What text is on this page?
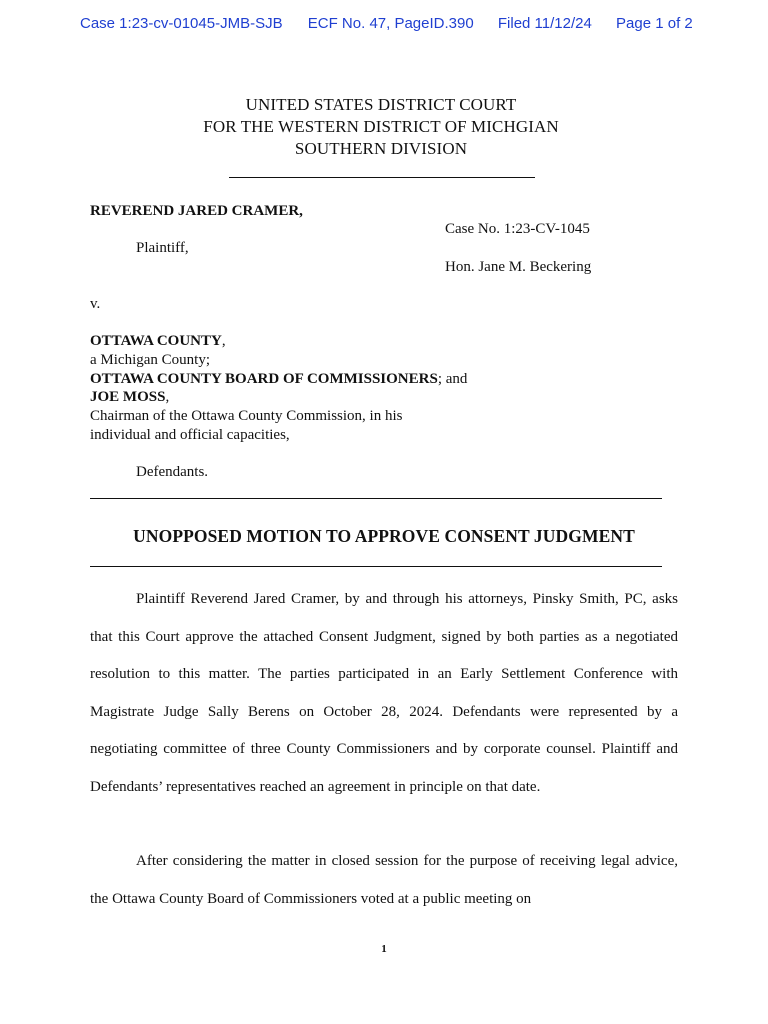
Case 1:23-cv-01045-JMB-SJB ECF No. 47, PageID.390 Filed 11/12/24 Page 1 of 2
UNITED STATES DISTRICT COURT
FOR THE WESTERN DISTRICT OF MICHGIAN
SOUTHERN DIVISION
REVEREND JARED CRAMER,
Case No. 1:23-CV-1045
Plaintiff,
Hon. Jane M. Beckering
v.
OTTAWA COUNTY,
a Michigan County;
OTTAWA COUNTY BOARD OF COMMISSIONERS; and
JOE MOSS,
Chairman of the Ottawa County Commission, in his
individual and official capacities,
Defendants.
UNOPPOSED MOTION TO APPROVE CONSENT JUDGMENT
Plaintiff Reverend Jared Cramer, by and through his attorneys, Pinsky Smith, PC, asks that this Court approve the attached Consent Judgment, signed by both parties as a negotiated resolution to this matter. The parties participated in an Early Settlement Conference with Magistrate Judge Sally Berens on October 28, 2024. Defendants were represented by a negotiating committee of three County Commissioners and by corporate counsel. Plaintiff and Defendants’ representatives reached an agreement in principle on that date.
After considering the matter in closed session for the purpose of receiving legal advice, the Ottawa County Board of Commissioners voted at a public meeting on
1
